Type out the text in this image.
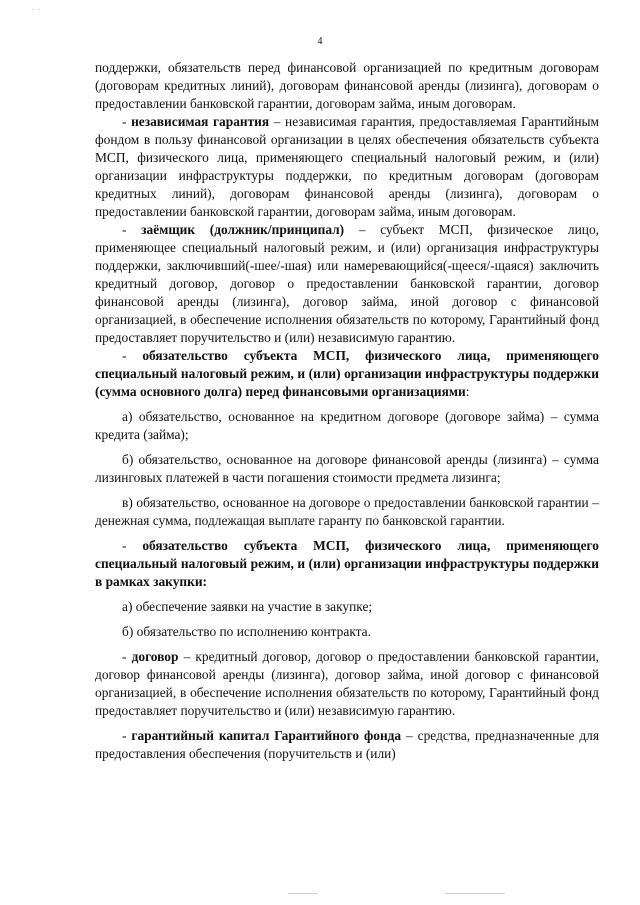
· ·
4

поддержки, обязательств перед финансовой организацией по кредитным договорам (договорам кредитных линий), договорам финансовой аренды (лизинга), договорам о предоставлении банковской гарантии, договорам займа, иным договорам.

- независимая гарантия – независимая гарантия, предоставляемая Гарантийным фондом в пользу финансовой организации в целях обеспечения обязательств субъекта МСП, физического лица, применяющего специальный налоговый режим, и (или) организации инфраструктуры поддержки, по кредитным договорам (договорам кредитных линий), договорам финансовой аренды (лизинга), договорам о предоставлении банковской гарантии, договорам займа, иным договорам.

- заёмщик (должник/принципал) – субъект МСП, физическое лицо, применяющее специальный налоговый режим, и (или) организация инфраструктуры поддержки, заключивший(-шее/-шая) или намеревающийся(-щееся/-щаяся) заключить кредитный договор, договор о предоставлении банковской гарантии, договор финансовой аренды (лизинга), договор займа, иной договор с финансовой организацией, в обеспечение исполнения обязательств по которому, Гарантийный фонд предоставляет поручительство и (или) независимую гарантию.

- обязательство субъекта МСП, физического лица, применяющего специальный налоговый режим, и (или) организации инфраструктуры поддержки (сумма основного долга) перед финансовыми организациями:

а) обязательство, основанное на кредитном договоре (договоре займа) – сумма кредита (займа);

б) обязательство, основанное на договоре финансовой аренды (лизинга) – сумма лизинговых платежей в части погашения стоимости предмета лизинга;

в) обязательство, основанное на договоре о предоставлении банковской гарантии – денежная сумма, подлежащая выплате гаранту по банковской гарантии.

- обязательство субъекта МСП, физического лица, применяющего специальный налоговый режим, и (или) организации инфраструктуры поддержки в рамках закупки:

а) обеспечение заявки на участие в закупке;

б) обязательство по исполнению контракта.

- договор – кредитный договор, договор о предоставлении банковской гарантии, договор финансовой аренды (лизинга), договор займа, иной договор с финансовой организацией, в обеспечение исполнения обязательств по которому, Гарантийный фонд предоставляет поручительство и (или) независимую гарантию.

- гарантийный капитал Гарантийного фонда – средства, предназначенные для предоставления обеспечения (поручительств и (или)
